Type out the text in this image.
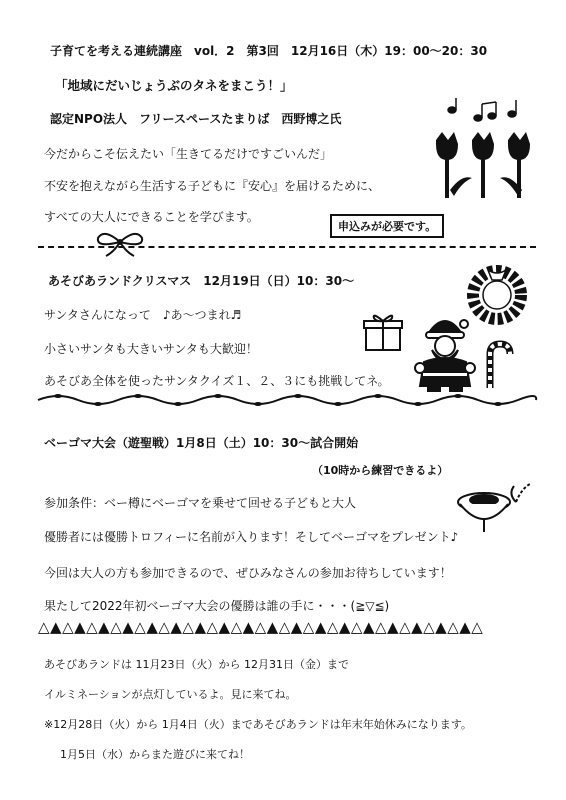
子育てを考える連続講座　vol．2　第3回　12月16日（木）19：00〜20：30
「地域にだいじょうぶのタネをまこう！」
認定NPO法人　フリースペースたまりば　西野博之氏
今だからこそ伝えたい「生きてるだけですごいんだ」
不安を抱えながら生活する子どもに『安心』を届けるために、
すべての大人にできることを学びます。
申込みが必要です。
あそびあランドクリスマス　12月19日（日）10：30〜
サンタさんになって　♪あ〜つまれ♬
小さいサンタも大きいサンタも大歓迎！
あそびあ全体を使ったサンタクイズ１、２、３にも挑戦してネ。
ベーゴマ大会（遊聖戦）1月8日（土）10：30〜試合開始
（10時から練習できるよ）
参加条件：ベー樽にベーゴマを乗せて回せる子どもと大人
優勝者には優勝トロフィーに名前が入ります！そしてベーゴマをプレゼント♪
今回は大人の方も参加できるので、ぜひみなさんの参加お待ちしています！
果たして2022年初ベーゴマ大会の優勝は誰の手に・・・(≧▽≦)
△▲△▲△▲△▲△▲△▲△▲△▲△▲△▲△▲△▲△▲△▲△▲△▲△▲△▲△
あそびあランドは 11月23日（火）から 12月31日（金）まで
イルミネーションが点灯しているよ。見に来てね。
※12月28日（火）から 1月4日（火）まであそびあランドは年末年始休みになります。
1月5日（水）からまた遊びに来てね！
